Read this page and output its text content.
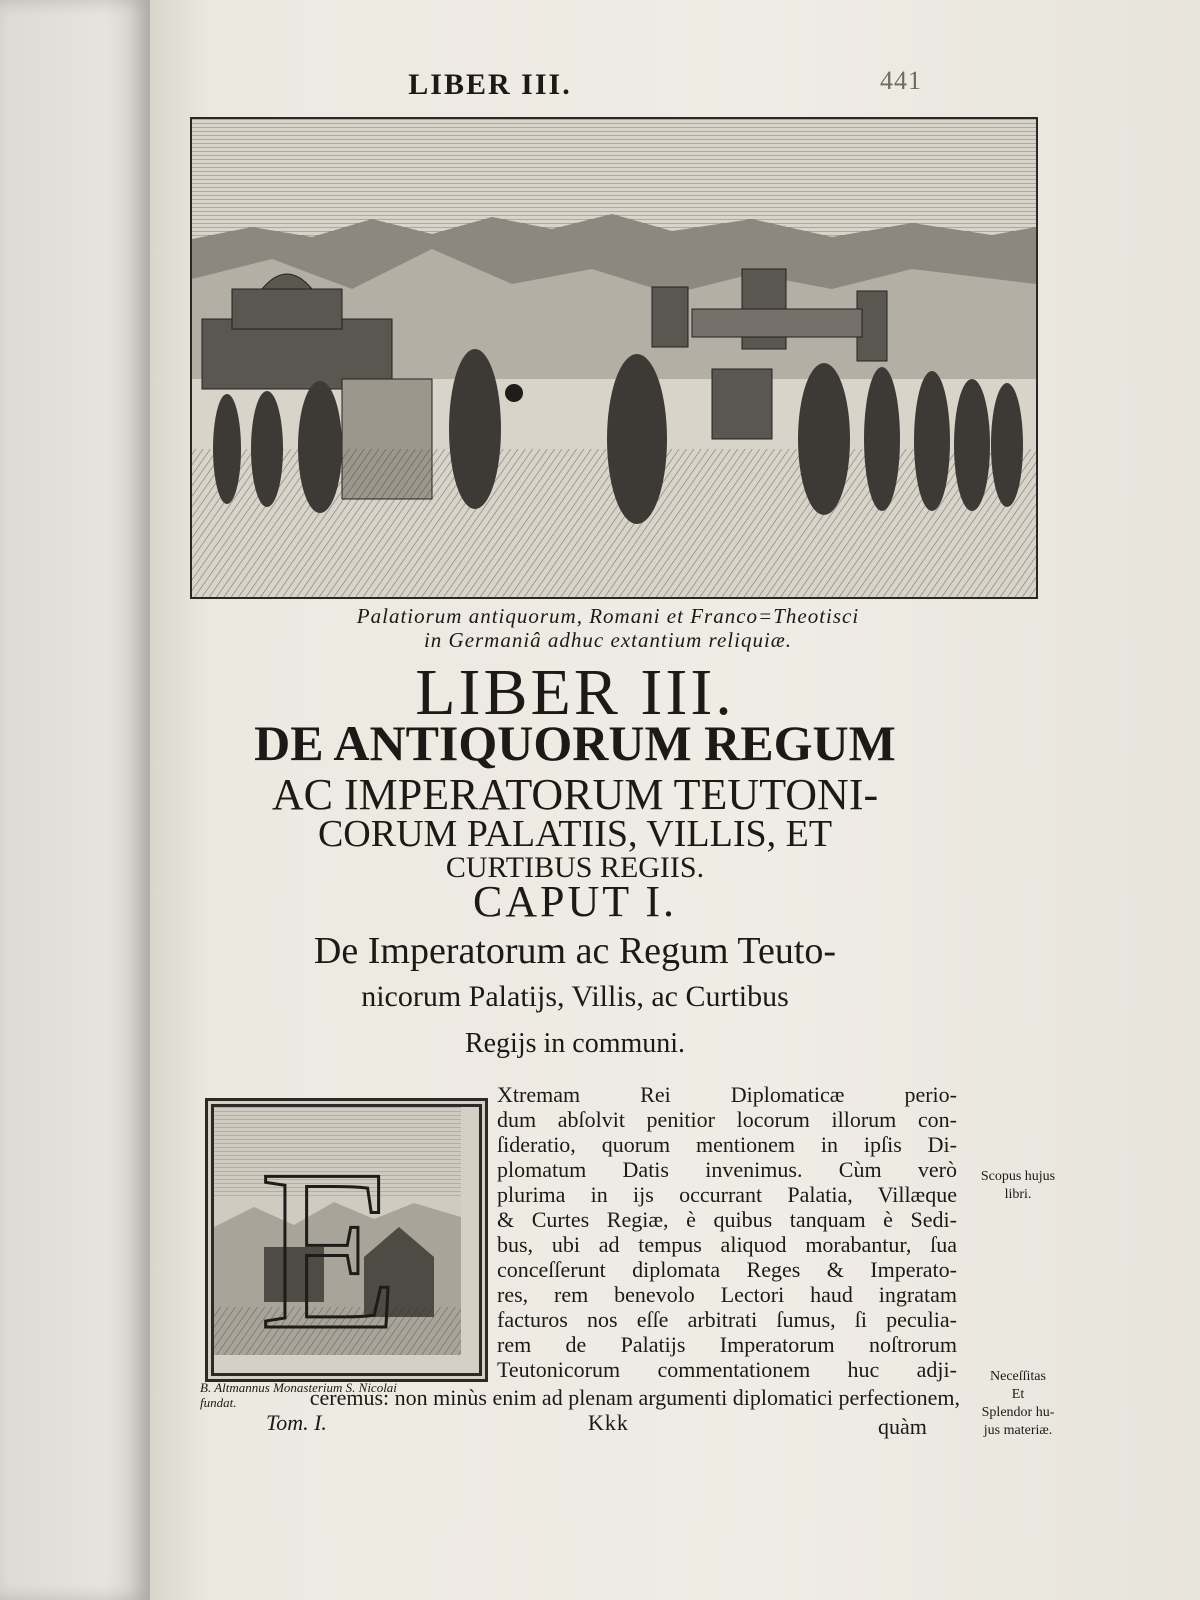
LIBER III.	441
Palatiorum antiquorum, Romani et Franco=Theotisci
in Germaniâ adhuc extantium reliquiæ.
LIBER III.
DE ANTIQUORUM REGUM
AC IMPERATORUM TEUTONI-
CORUM PALATIIS, VILLIS, ET
CURTIBUS REGIIS.
CAPUT I.
De Imperatorum ac Regum Teuto-
nicorum Palatijs, Villis, ac Curtibus
Regijs in communi.
E
B. Altmannus Monasterium S. Nicolai
fundat.
Xtremam Rei Diplomaticæ perio-
dum abſolvit penitior locorum illorum con-
ſideratio, quorum mentionem in ipſis Di-
plomatum Datis invenimus. Cùm verò
plurima in ijs occurrant Palatia, Villæque
& Curtes Regiæ, è quibus tanquam è Sedi-
bus, ubi ad tempus aliquod morabantur, ſua
conceſſerunt diplomata Reges & Imperato-
res, rem benevolo Lectori haud ingratam
facturos nos eſſe arbitrati ſumus, ſi peculia-
rem de Palatijs Imperatorum noſtrorum
Teutonicorum commentationem huc adji-
ceremus: non minùs enim ad plenam argumenti diplomatici perfectionem,
Tom. I.	Kkk	quàm
Scopus hujus
libri.
Neceſſitas
Et
Splendor hu-
jus materiæ.
